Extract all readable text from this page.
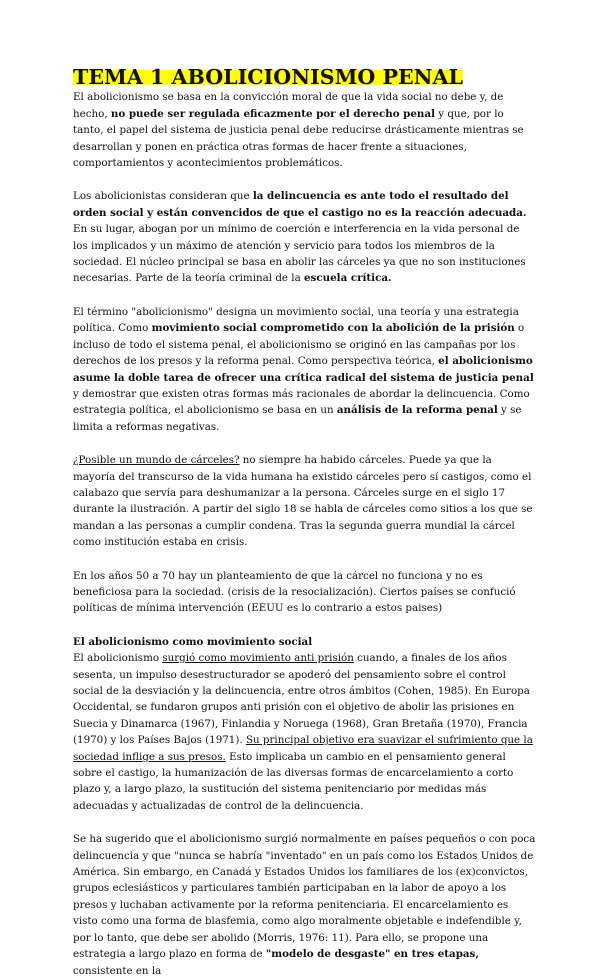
TEMA 1 ABOLICIONISMO PENAL

El abolicionismo se basa en la convicción moral de que la vida social no debe y, de hecho, no puede ser regulada eficazmente por el derecho penal y que, por lo tanto, el papel del sistema de justicia penal debe reducirse drásticamente mientras se desarrollan y ponen en práctica otras formas de hacer frente a situaciones, comportamientos y acontecimientos problemáticos.

Los abolicionistas consideran que la delincuencia es ante todo el resultado del orden social y están convencidos de que el castigo no es la reacción adecuada. En su lugar, abogan por un mínimo de coerción e interferencia en la vida personal de los implicados y un máximo de atención y servicio para todos los miembros de la sociedad. El núcleo principal se basa en abolir las cárceles ya que no son instituciones necesarias. Parte de la teoría criminal de la escuela crítica.

El término "abolicionismo" designa un movimiento social, una teoría y una estrategia política. Como movimiento social comprometido con la abolición de la prisión o incluso de todo el sistema penal, el abolicionismo se originó en las campañas por los derechos de los presos y la reforma penal. Como perspectiva teórica, el abolicionismo asume la doble tarea de ofrecer una crítica radical del sistema de justicia penal y demostrar que existen otras formas más racionales de abordar la delincuencia. Como estrategia política, el abolicionismo se basa en un análisis de la reforma penal y se limita a reformas negativas.

¿Posible un mundo de cárceles? no siempre ha habido cárceles. Puede ya que la mayoría del transcurso de la vida humana ha existido cárceles pero sí castigos, como el calabazo que servía para deshumanizar a la persona. Cárceles surge en el siglo 17 durante la ilustración. A partir del siglo 18 se habla de cárceles como sitios a los que se mandan a las personas a cumplir condena. Tras la segunda guerra mundial la cárcel como institución estaba en crisis.

En los años 50 a 70 hay un planteamiento de que la cárcel no funciona y no es beneficiosa para la sociedad. (crisis de la resocialización). Ciertos países se confució políticas de mínima intervención (EEUU es lo contrario a estos paises)

El abolicionismo como movimiento social

El abolicionismo surgió como movimiento anti prisión cuando, a finales de los años sesenta, un impulso desestructurador se apoderó del pensamiento sobre el control social de la desviación y la delincuencia, entre otros ámbitos (Cohen, 1985). En Europa Occidental, se fundaron grupos anti prisión con el objetivo de abolir las prisiones en Suecia y Dinamarca (1967), Finlandia y Noruega (1968), Gran Bretaña (1970), Francia (1970) y los Países Bajos (1971). Su principal objetivo era suavizar el sufrimiento que la sociedad inflige a sus presos. Esto implicaba un cambio en el pensamiento general sobre el castigo, la humanización de las diversas formas de encarcelamiento a corto plazo y, a largo plazo, la sustitución del sistema penitenciario por medidas más adecuadas y actualizadas de control de la delincuencia.

Se ha sugerido que el abolicionismo surgió normalmente en países pequeños o con poca delincuencia y que "nunca se habría "inventado" en un país como los Estados Unidos de América. Sin embargo, en Canadá y Estados Unidos los familiares de los (ex)convictos, grupos eclesiásticos y particulares también participaban en la labor de apoyo a los presos y luchaban activamente por la reforma penitenciaria. El encarcelamiento es visto como una forma de blasfemia, como algo moralmente objetable e indefendible y, por lo tanto, que debe ser abolido (Morris, 1976: 11). Para ello, se propone una estrategia a largo plazo en forma de "modelo de desgaste" en tres etapas, consistente en la
